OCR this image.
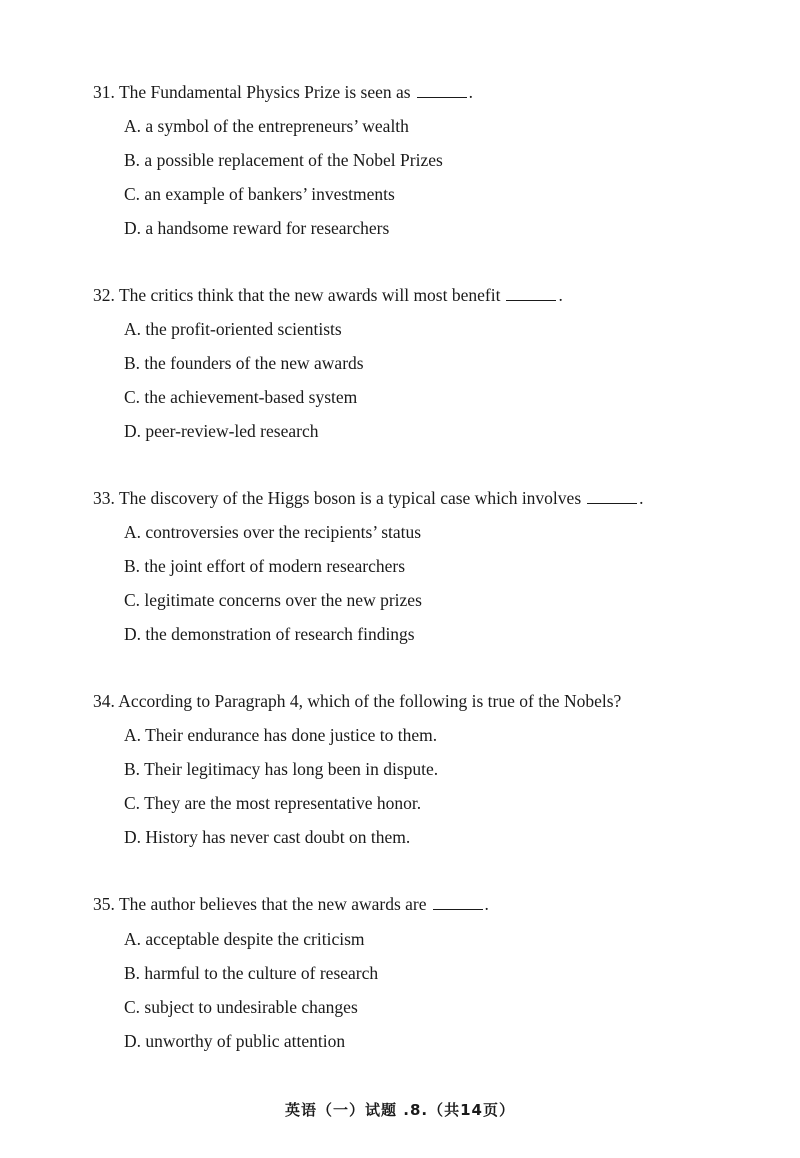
31. The Fundamental Physics Prize is seen as	.
A. a symbol of the entrepreneurs’ wealth
B. a possible replacement of the Nobel Prizes
C. an example of bankers’ investments
D. a handsome reward for researchers
32. The critics think that the new awards will most benefit	.
A. the profit-oriented scientists
B. the founders of the new awards
C. the achievement-based system
D. peer-review-led research
33. The discovery of the Higgs boson is a typical case which involves	.
A. controversies over the recipients’ status
B. the joint effort of modern researchers
C. legitimate concerns over the new prizes
D. the demonstration of research findings
34. According to Paragraph 4, which of the following is true of the Nobels?
A. Their endurance has done justice to them.
B. Their legitimacy has long been in dispute.
C. They are the most representative honor.
D. History has never cast doubt on them.
35. The author believes that the new awards are	.
A. acceptable despite the criticism
B. harmful to the culture of research
C. subject to undesirable changes
D. unworthy of public attention
英语（一）试题 .8.（共14页）
